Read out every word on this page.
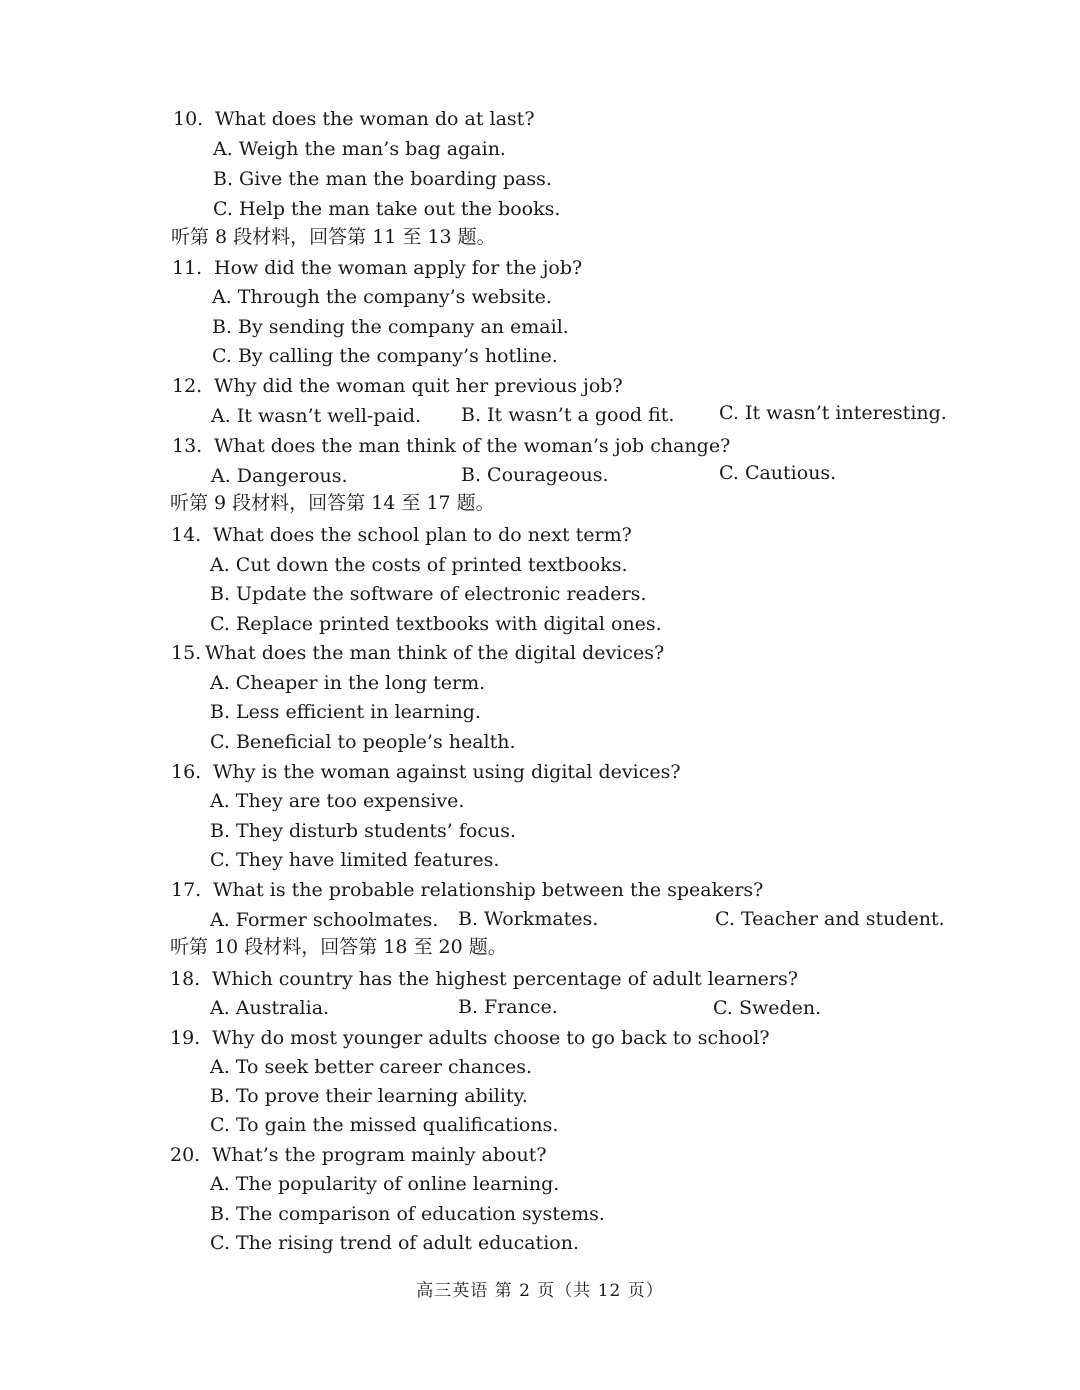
10. What does the woman do at last?
A. Weigh the man’s bag again.
B. Give the man the boarding pass.
C. Help the man take out the books.
听第 8 段材料，回答第 11 至 13 题。
11. How did the woman apply for the job?
A. Through the company’s website.
B. By sending the company an email.
C. By calling the company’s hotline.
12. Why did the woman quit her previous job?
A. It wasn’t well-paid. B. It wasn’t a good fit. C. It wasn’t interesting.
13. What does the man think of the woman’s job change?
A. Dangerous.	B. Courageous.	C. Cautious.
听第 9 段材料，回答第 14 至 17 题。
14. What does the school plan to do next term?
A. Cut down the costs of printed textbooks.
B. Update the software of electronic readers.
C. Replace printed textbooks with digital ones.
15. What does the man think of the digital devices?
A. Cheaper in the long term.
B. Less efficient in learning.
C. Beneficial to people’s health.
16. Why is the woman against using digital devices?
A. They are too expensive.
B. They disturb students’ focus.
C. They have limited features.
17. What is the probable relationship between the speakers?
A. Former schoolmates. B. Workmates.	C. Teacher and student.
听第 10 段材料，回答第 18 至 20 题。
18. Which country has the highest percentage of adult learners?
A. Australia.	B. France.	C. Sweden.
19. Why do most younger adults choose to go back to school?
A. To seek better career chances.
B. To prove their learning ability.
C. To gain the missed qualifications.
20. What’s the program mainly about?
A. The popularity of online learning.
B. The comparison of education systems.
C. The rising trend of adult education.
高三英语 第 2 页（共 12 页）
